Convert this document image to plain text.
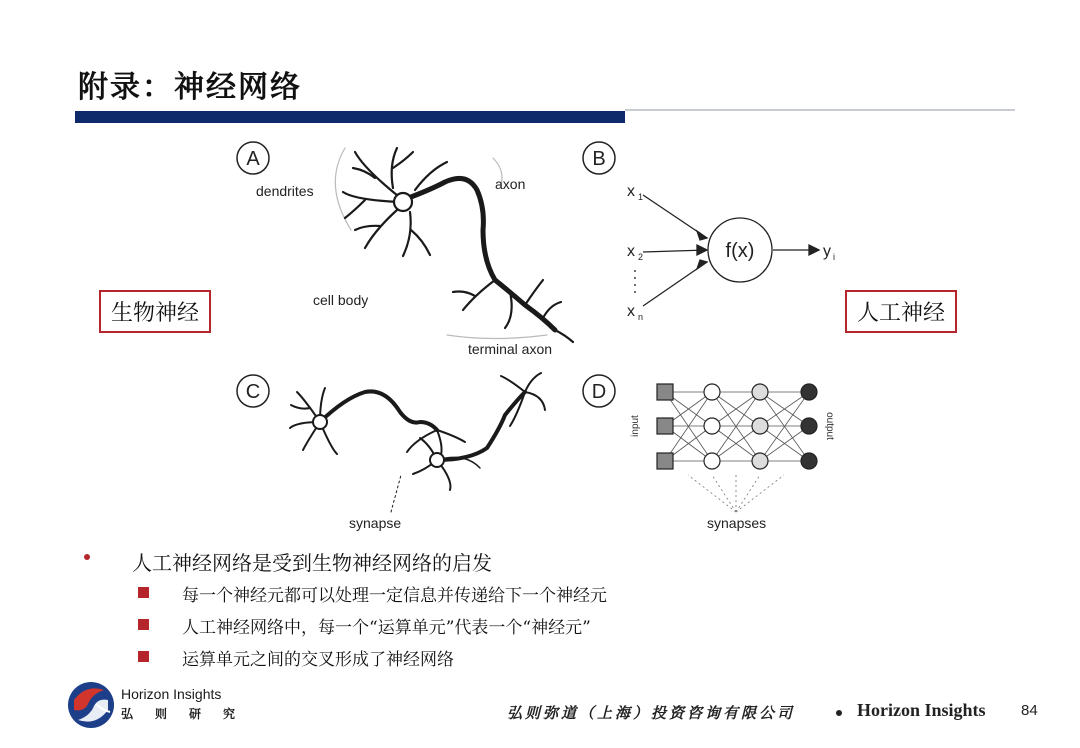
附录：神经网络
A	B
C	D
x 1
x 2
x n
f(x)	y i
input	output
dendrites	axon
cell body
terminal axon
synapse	synapses
生物神经	人工神经
人工神经网络是受到生物神经网络的启发
每一个神经元都可以处理一定信息并传递给下一个神经元
人工神经网络中，每一个“运算单元”代表一个“神经元”
运算单元之间的交叉形成了神经网络
Horizon Insights
弘则研究	弘则弥道（上海）投资咨询有限公司	Horizon Insights 84
